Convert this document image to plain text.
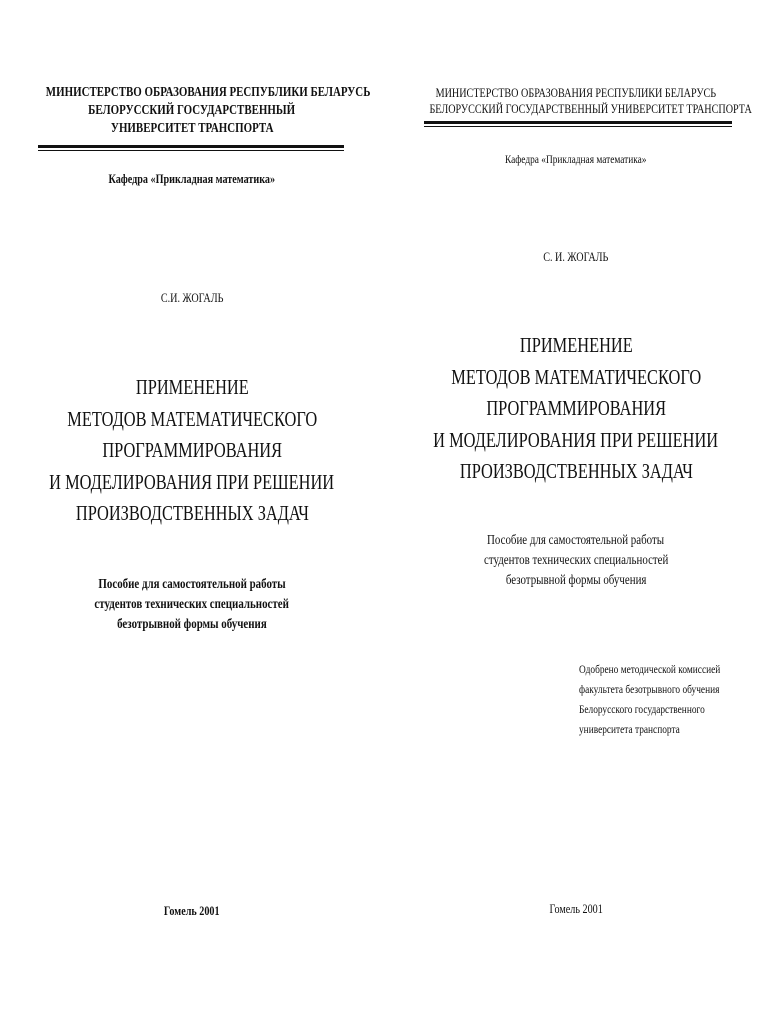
МИНИСТЕРСТВО ОБРАЗОВАНИЯ РЕСПУБЛИКИ БЕЛАРУСЬ
БЕЛОРУССКИЙ ГОСУДАРСТВЕННЫЙ
УНИВЕРСИТЕТ ТРАНСПОРТА
Кафедра «Прикладная математика»
С.И. ЖОГАЛЬ
ПРИМЕНЕНИЕ
МЕТОДОВ МАТЕМАТИЧЕСКОГО
ПРОГРАММИРОВАНИЯ
И МОДЕЛИРОВАНИЯ ПРИ РЕШЕНИИ
ПРОИЗВОДСТВЕННЫХ ЗАДАЧ
Пособие для самостоятельной работы
студентов технических специальностей
безотрывной формы обучения
Гомель 2001
МИНИСТЕРСТВО ОБРАЗОВАНИЯ РЕСПУБЛИКИ БЕЛАРУСЬ
БЕЛОРУССКИЙ ГОСУДАРСТВЕННЫЙ УНИВЕРСИТЕТ ТРАНСПОРТА
Кафедра «Прикладная математика»
С. И. ЖОГАЛЬ
ПРИМЕНЕНИЕ
МЕТОДОВ МАТЕМАТИЧЕСКОГО
ПРОГРАММИРОВАНИЯ
И МОДЕЛИРОВАНИЯ ПРИ РЕШЕНИИ
ПРОИЗВОДСТВЕННЫХ ЗАДАЧ
Пособие для самостоятельной работы
студентов технических специальностей
безотрывной формы обучения
Одобрено методической комиссией
факультета безотрывного обучения
Белорусского государственного
университета транспорта
Гомель 2001
